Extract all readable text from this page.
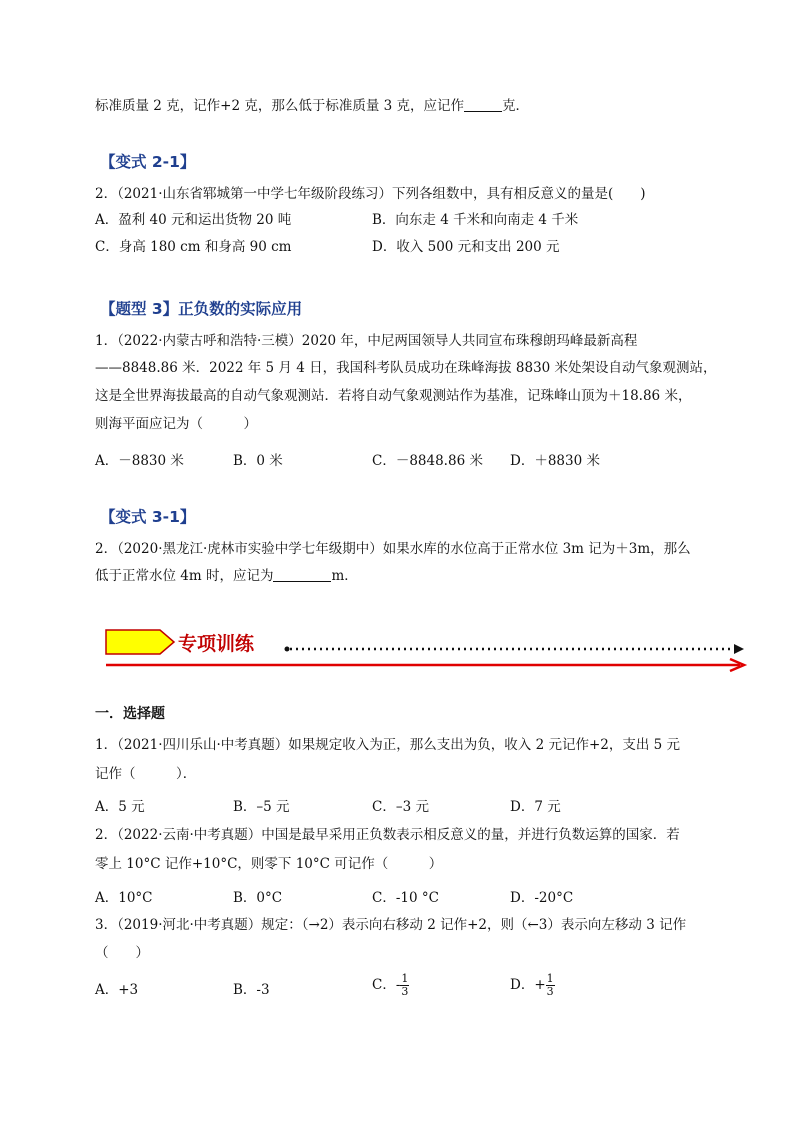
标准质量 2 克，记作+2 克，那么低于标准质量 3 克，应记作	克．
【变式 2-1】
2．（2021·山东省郓城第一中学七年级阶段练习）下列各组数中，具有相反意义的量是(　　)
A．盈利 40 元和运出货物 20 吨	B．向东走 4 千米和向南走 4 千米
C．身高 180 cm 和身高 90 cm	D．收入 500 元和支出 200 元
【题型 3】正负数的实际应用
1．（2022·内蒙古呼和浩特·三模）2020 年，中尼两国领导人共同宣布珠穆朗玛峰最新高程
——8848.86 米．2022 年 5 月 4 日，我国科考队员成功在珠峰海拔 8830 米处架设自动气象观测站，
这是全世界海拔最高的自动气象观测站．若将自动气象观测站作为基准，记珠峰山顶为＋18.86 米，
则海平面应记为（　　　）
A．－8830 米	B．0 米	C．－8848.86 米 D．＋8830 米
【变式 3-1】
2．（2020·黑龙江·虎林市实验中学七年级期中）如果水库的水位高于正常水位 3m 记为＋3m，那么
低于正常水位 4m 时，应记为	m．
专项训练
一．选择题
1．（2021·四川乐山·中考真题）如果规定收入为正，那么支出为负，收入 2 元记作+2，支出 5 元
记作（　　　）．
A．5 元	B．–5 元	C．–3 元	D．7 元
2．（2022·云南·中考真题）中国是最早采用正负数表示相反意义的量，并进行负数运算的国家．若
零上 10°C 记作+10°C，则零下 10°C 可记作（　　　）
A．10°C	B．0°C	C．-10 °C	D．-20°C
3．（2019·河北·中考真题）规定：（→2）表示向右移动 2 记作+2，则（←3）表示向左移动 3 记作
（　　）
A．+3	B．-3	C．- $\frac{1}{3}$	D．+ $\frac{1}{3}$
